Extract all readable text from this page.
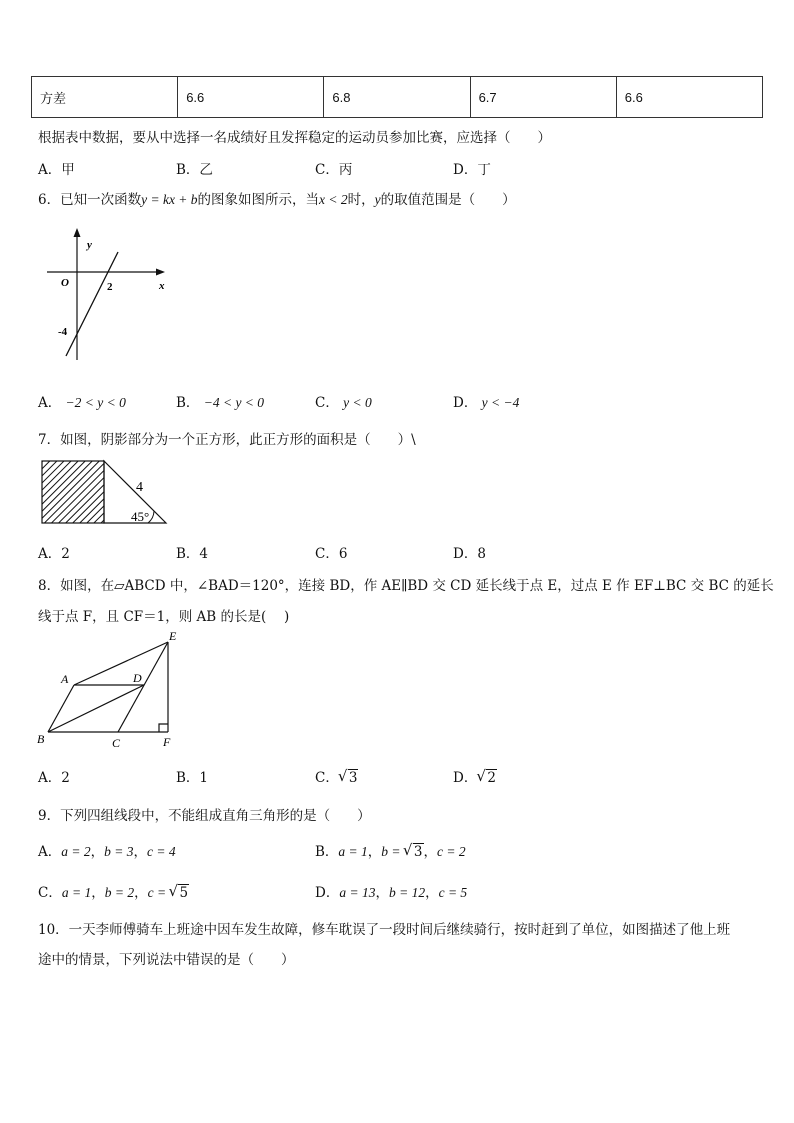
方差	6.6	6.8	6.7	6.6
根据表中数据，要从中选择一名成绩好且发挥稳定的运动员参加比赛，应选择（　　）
A．甲	B．乙	C．丙	D．丁
6．已知一次函数y = kx + b的图象如图所示，当x < 2时，y的取值范围是（　　）
y
x
O	2
-4
A． −2 < y < 0	B． −4 < y < 0	C． y < 0	D． y < −4
7．如图，阴影部分为一个正方形，此正方形的面积是（　　）\
4
45°
A．2	B．4	C．6	D．8
8．如图，在▱ABCD 中，∠BAD＝120°，连接 BD，作 AE∥BD 交 CD 延长线于点 E，过点 E 作 EF⊥BC 交 BC 的延长
线于点 F，且 CF＝1，则 AB 的长是(　 )
A
B	C
D
E
F
A．2	B．1	C． √ 3	D． √ 2
9．下列四组线段中，不能组成直角三角形的是（　　）
A．a = 2，b = 3，c = 4	B．a = 1，b = √ 3，c = 2
C．a = 1，b = 2，c = √ 5	D．a = 13，b = 12，c = 5
10．一天李师傅骑车上班途中因车发生故障，修车耽误了一段时间后继续骑行，按时赶到了单位，如图描述了他上班
途中的情景，下列说法中错误的是（　　）
